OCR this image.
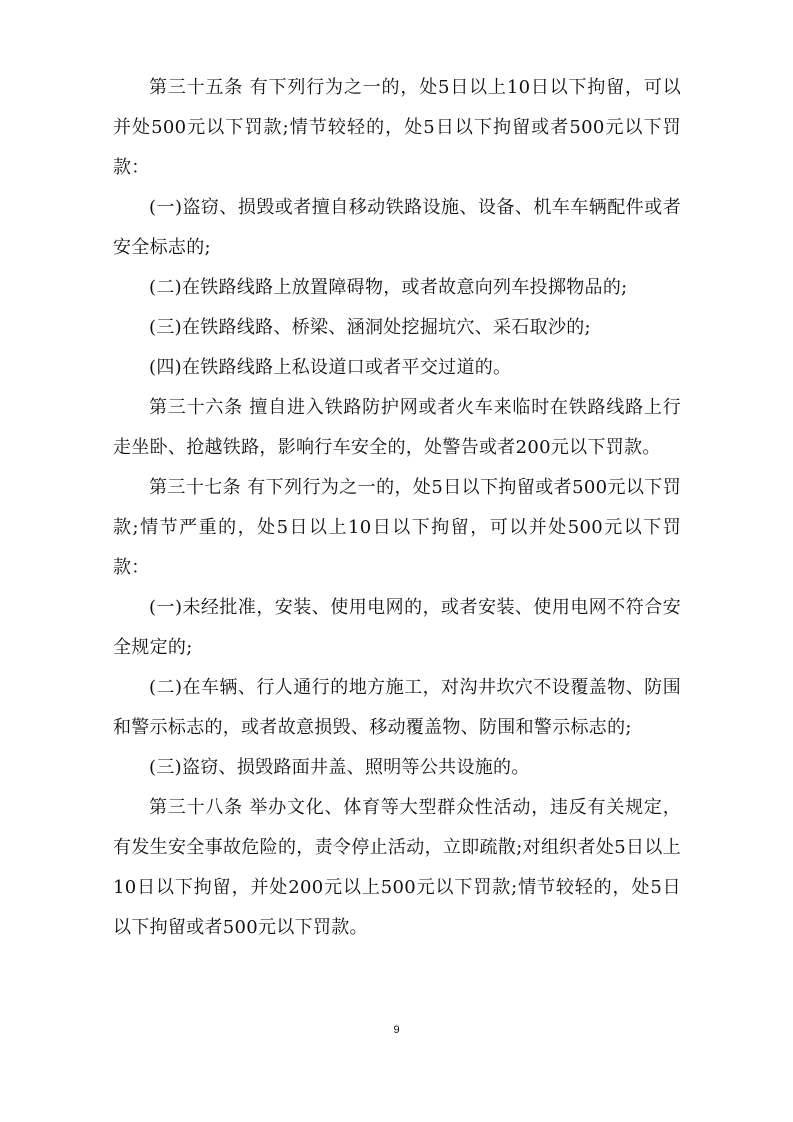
第三十五条 有下列行为之一的，处5日以上10日以下拘留，可以并处500元以下罚款;情节较轻的，处5日以下拘留或者500元以下罚款：

(一)盗窃、损毁或者擅自移动铁路设施、设备、机车车辆配件或者安全标志的;

(二)在铁路线路上放置障碍物，或者故意向列车投掷物品的;

(三)在铁路线路、桥梁、涵洞处挖掘坑穴、采石取沙的;

(四)在铁路线路上私设道口或者平交过道的。

第三十六条 擅自进入铁路防护网或者火车来临时在铁路线路上行走坐卧、抢越铁路，影响行车安全的，处警告或者200元以下罚款。

第三十七条 有下列行为之一的，处5日以下拘留或者500元以下罚款;情节严重的，处5日以上10日以下拘留，可以并处500元以下罚款：

(一)未经批准，安装、使用电网的，或者安装、使用电网不符合安全规定的;

(二)在车辆、行人通行的地方施工，对沟井坎穴不设覆盖物、防围和警示标志的，或者故意损毁、移动覆盖物、防围和警示标志的;

(三)盗窃、损毁路面井盖、照明等公共设施的。

第三十八条 举办文化、体育等大型群众性活动，违反有关规定，有发生安全事故危险的，责令停止活动，立即疏散;对组织者处5日以上10日以下拘留，并处200元以上500元以下罚款;情节较轻的，处5日以下拘留或者500元以下罚款。

9
